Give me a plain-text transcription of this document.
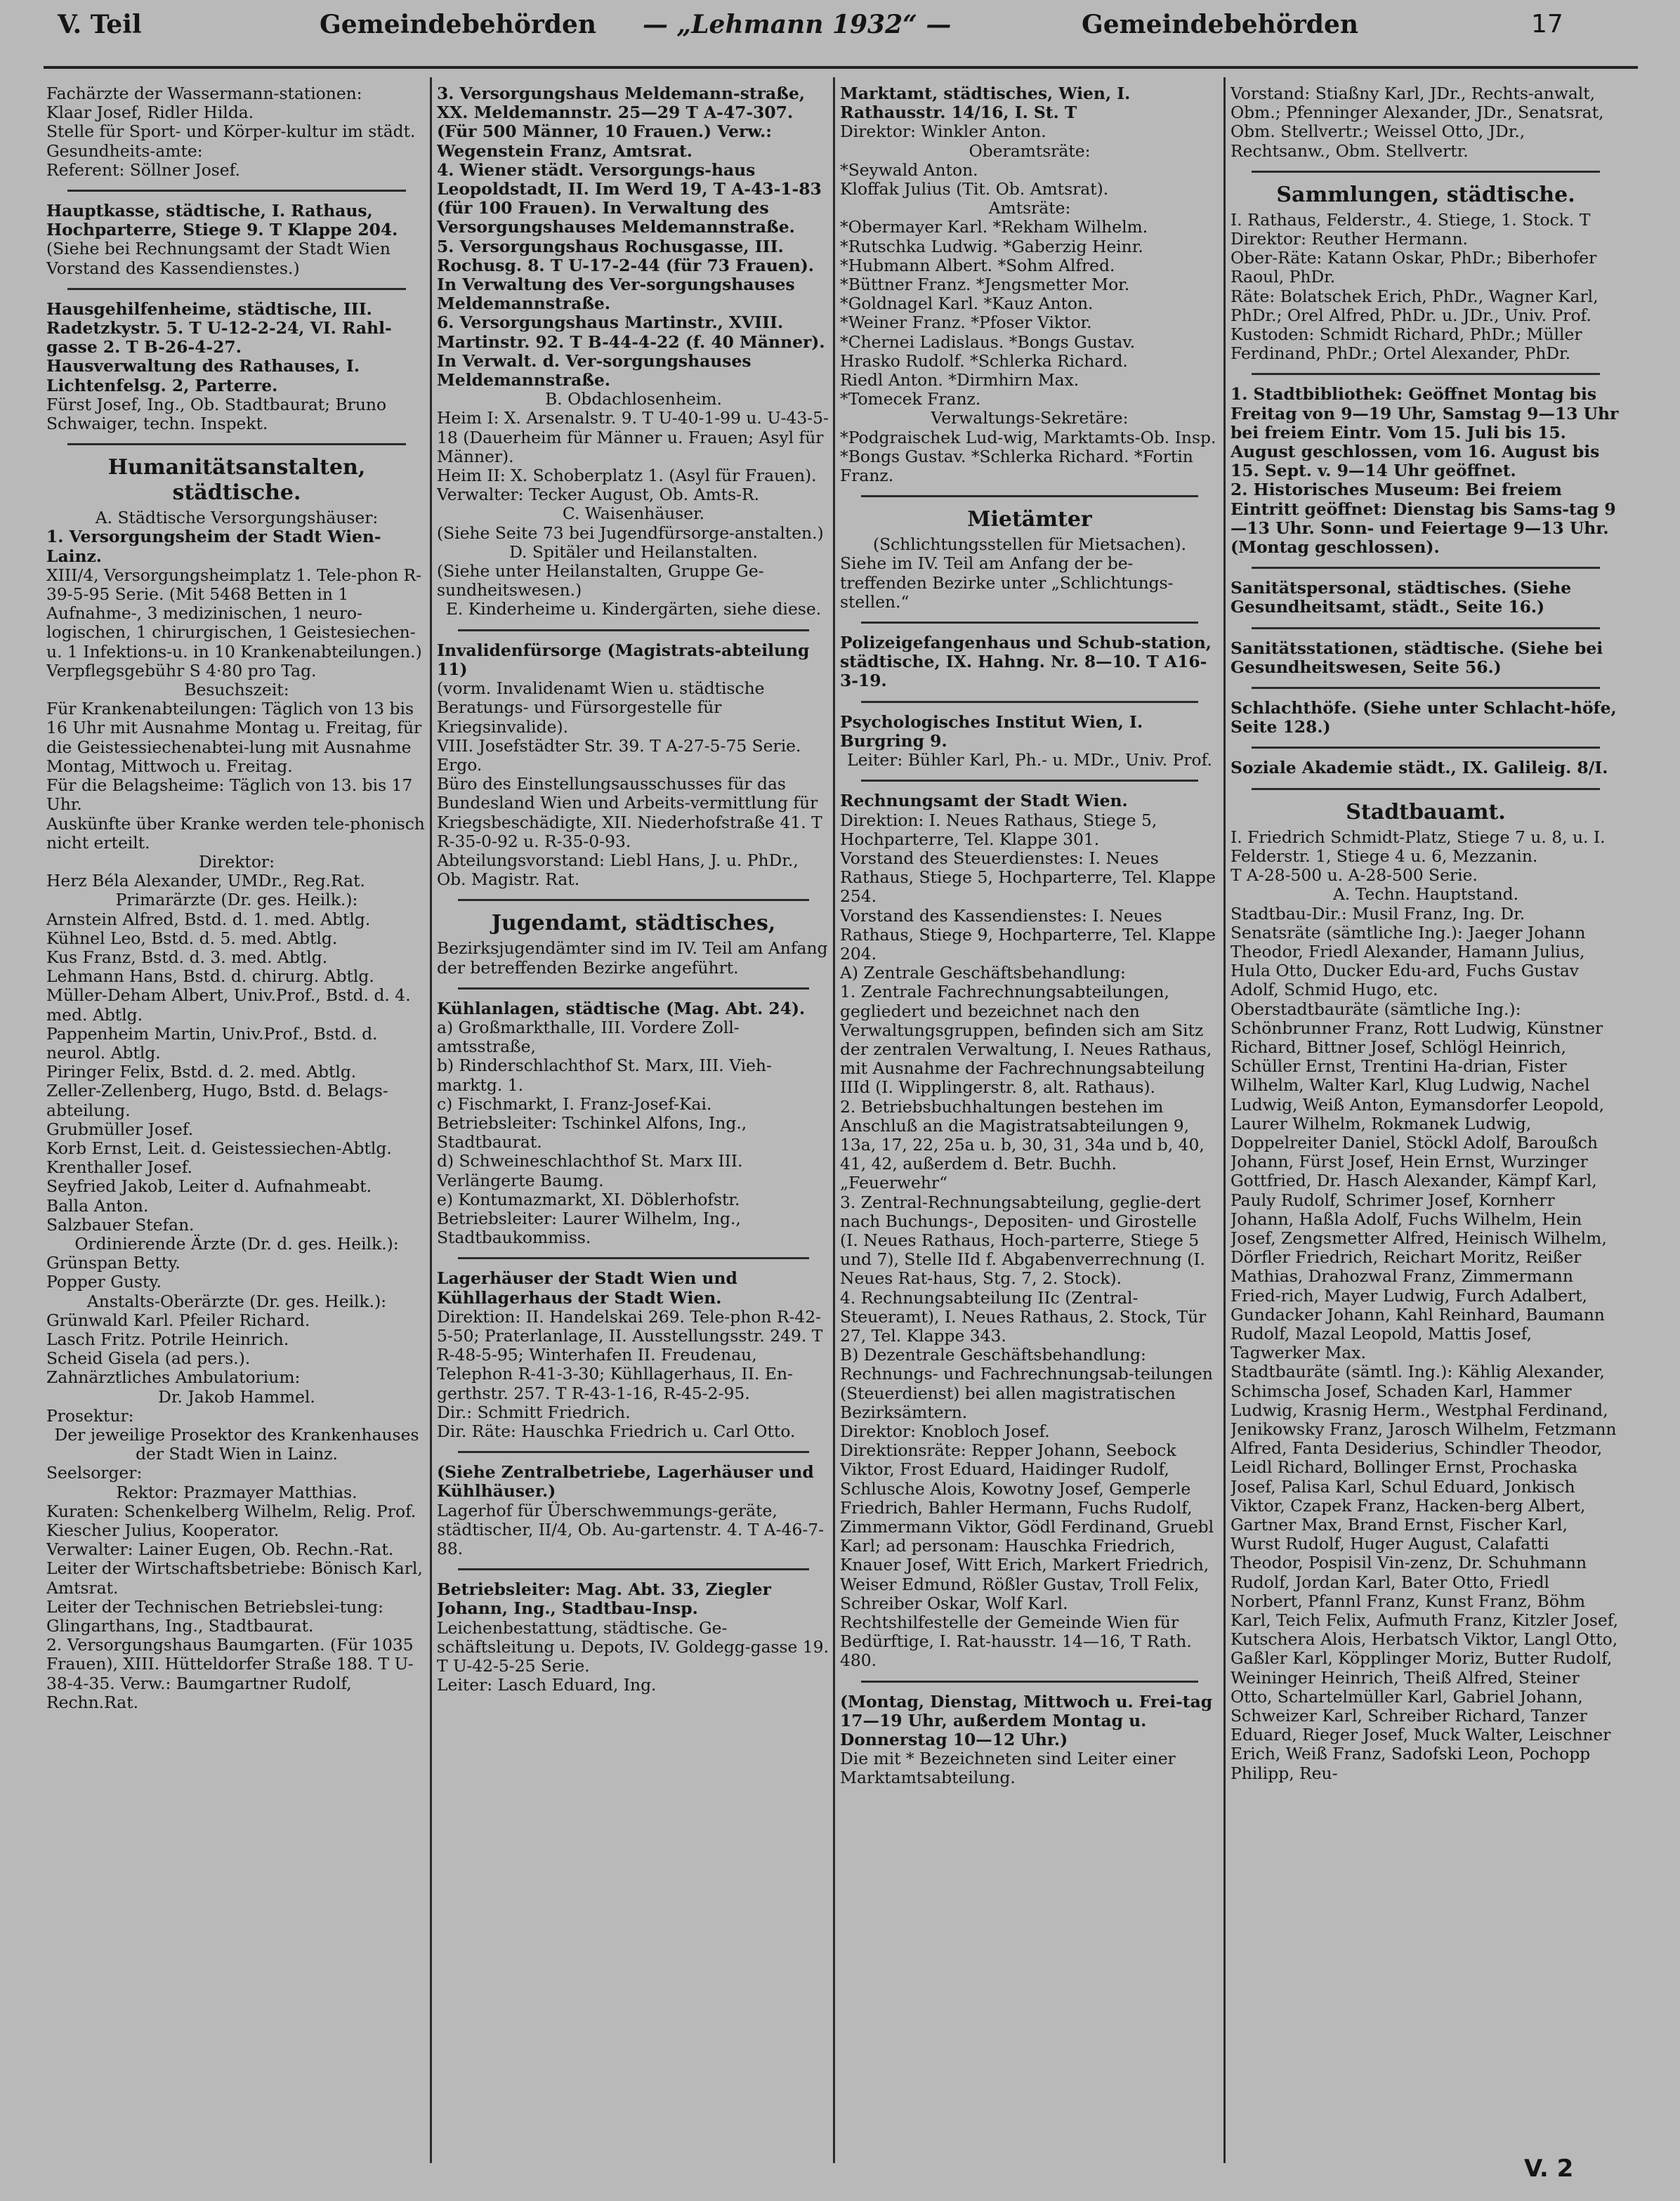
V. Teil	Gemeindebehörden — „Lehmann 1932“ —	Gemeindebehörden	17

Fachärzte der Wassermann-stationen:

Klaar Josef, Ridler Hilda.

Stelle für Sport- und Körper-kultur im städt. Gesundheits-amte:

Referent: Söllner Josef.

Hauptkasse, städtische, I. Rathaus, Hochparterre, Stiege 9. T Klappe 204.

(Siehe bei Rechnungsamt der Stadt Wien Vorstand des Kassendienstes.)

Hausgehilfenheime, städtische, III. Radetzkystr. 5. T U-12-2-24, VI. Rahl-gasse 2. T B-26-4-27.

Hausverwaltung des Rathauses, I. Lichtenfelsg. 2, Parterre.

Fürst Josef, Ing., Ob. Stadtbaurat; Bruno Schwaiger, techn. Inspekt.

Humanitätsanstalten, städtische.

A. Städtische Versorgungshäuser:

1. Versorgungsheim der Stadt Wien-Lainz.

XIII/4, Versorgungsheimplatz 1. Tele-phon R-39-5-95 Serie. (Mit 5468 Betten in 1 Aufnahme-, 3 medizinischen, 1 neuro-logischen, 1 chirurgischen, 1 Geistesiechen-u. 1 Infektions-u. in 10 Krankenabteilungen.)

Verpflegsgebühr S 4·80 pro Tag.

Besuchszeit:

Für Krankenabteilungen: Täglich von 13 bis 16 Uhr mit Ausnahme Montag u. Freitag, für die Geistessiechenabtei-lung mit Ausnahme Montag, Mittwoch u. Freitag.

Für die Belagsheime: Täglich von 13. bis 17 Uhr.

Auskünfte über Kranke werden tele-phonisch nicht erteilt.

Direktor:

Herz Béla Alexander, UMDr., Reg.Rat.

Primarärzte (Dr. ges. Heilk.):

Arnstein Alfred, Bstd. d. 1. med. Abtlg.

Kühnel Leo, Bstd. d. 5. med. Abtlg.

Kus Franz, Bstd. d. 3. med. Abtlg.

Lehmann Hans, Bstd. d. chirurg. Abtlg.

Müller-Deham Albert, Univ.Prof., Bstd. d. 4. med. Abtlg.

Pappenheim Martin, Univ.Prof., Bstd. d. neurol. Abtlg.

Piringer Felix, Bstd. d. 2. med. Abtlg.

Zeller-Zellenberg, Hugo, Bstd. d. Belags-abteilung.

Grubmüller Josef.

Korb Ernst, Leit. d. Geistessiechen-Abtlg.

Krenthaller Josef.

Seyfried Jakob, Leiter d. Aufnahmeabt.

Balla Anton.

Salzbauer Stefan.

Ordinierende Ärzte (Dr. d. ges. Heilk.):

Grünspan Betty.

Popper Gusty.

Anstalts-Oberärzte (Dr. ges. Heilk.):

Grünwald Karl. Pfeiler Richard.

Lasch Fritz. Potrile Heinrich.

Scheid Gisela (ad pers.).

Zahnärztliches Ambulatorium:

Dr. Jakob Hammel.

Prosektur:

Der jeweilige Prosektor des Krankenhauses der Stadt Wien in Lainz.

Seelsorger:

Rektor: Prazmayer Matthias.

Kuraten: Schenkelberg Wilhelm, Relig. Prof. Kiescher Julius, Kooperator.

Verwalter: Lainer Eugen, Ob. Rechn.-Rat.

Leiter der Wirtschaftsbetriebe: Bönisch Karl, Amtsrat.

Leiter der Technischen Betriebslei-tung: Glingarthans, Ing., Stadtbaurat.

2. Versorgungshaus Baumgarten. (Für 1035 Frauen), XIII. Hütteldorfer Straße 188. T U-38-4-35. Verw.: Baumgartner Rudolf, Rechn.Rat.

3. Versorgungshaus Meldemann-straße, XX. Meldemannstr. 25—29 T A-47-307. (Für 500 Männer, 10 Frauen.) Verw.: Wegenstein Franz, Amtsrat.

4. Wiener städt. Versorgungs-haus Leopoldstadt, II. Im Werd 19, T A-43-1-83 (für 100 Frauen). In Verwaltung des Versorgungshauses Meldemannstraße.

5. Versorgungshaus Rochusgasse, III. Rochusg. 8. T U-17-2-44 (für 73 Frauen). In Verwaltung des Ver-sorgungshauses Meldemannstraße.

6. Versorgungshaus Martinstr., XVIII. Martinstr. 92. T B-44-4-22 (f. 40 Männer). In Verwalt. d. Ver-sorgungshauses Meldemannstraße.

B. Obdachlosenheim.

Heim I: X. Arsenalstr. 9. T U-40-1-99 u. U-43-5-18 (Dauerheim für Männer u. Frauen; Asyl für Männer).

Heim II: X. Schoberplatz 1. (Asyl für Frauen).

Verwalter: Tecker August, Ob. Amts-R.

C. Waisenhäuser.

(Siehe Seite 73 bei Jugendfürsorge-anstalten.)

D. Spitäler und Heilanstalten.

(Siehe unter Heilanstalten, Gruppe Ge-sundheitswesen.)

E. Kinderheime u. Kindergärten, siehe diese.

Invalidenfürsorge (Magistrats-abteilung 11)

(vorm. Invalidenamt Wien u. städtische Beratungs- und Fürsorgestelle für Kriegsinvalide).

VIII. Josefstädter Str. 39. T A-27-5-75 Serie. Ergo.

Büro des Einstellungsausschusses für das Bundesland Wien und Arbeits-vermittlung für Kriegsbeschädigte, XII. Niederhofstraße 41. T R-35-0-92 u. R-35-0-93.

Abteilungsvorstand: Liebl Hans, J. u. PhDr., Ob. Magistr. Rat.

Jugendamt, städtisches,

Bezirksjugendämter sind im IV. Teil am Anfang der betreffenden Bezirke angeführt.

Kühlanlagen, städtische (Mag. Abt. 24).

a) Großmarkthalle, III. Vordere Zoll-amtsstraße,

b) Rinderschlachthof St. Marx, III. Vieh-marktg. 1.

c) Fischmarkt, I. Franz-Josef-Kai. Betriebsleiter: Tschinkel Alfons, Ing., Stadtbaurat.

d) Schweineschlachthof St. Marx III. Verlängerte Baumg.

e) Kontumazmarkt, XI. Döblerhofstr. Betriebsleiter: Laurer Wilhelm, Ing., Stadtbaukommiss.

Lagerhäuser der Stadt Wien und Kühllagerhaus der Stadt Wien.

Direktion: II. Handelskai 269. Tele-phon R-42-5-50; Praterlanlage, II. Ausstellungsstr. 249. T R-48-5-95; Winterhafen II. Freudenau, Telephon R-41-3-30; Kühllagerhaus, II. En-gerthstr. 257. T R-43-1-16, R-45-2-95.

Dir.: Schmitt Friedrich.

Dir. Räte: Hauschka Friedrich u. Carl Otto.

(Siehe Zentralbetriebe, Lagerhäuser und Kühlhäuser.)

Lagerhof für Überschwemmungs-geräte, städtischer, II/4, Ob. Au-gartenstr. 4. T A-46-7-88.

Betriebsleiter: Mag. Abt. 33, Ziegler Johann, Ing., Stadtbau-Insp.

Leichenbestattung, städtische. Ge-schäftsleitung u. Depots, IV. Goldegg-gasse 19. T U-42-5-25 Serie.

Leiter: Lasch Eduard, Ing.

Marktamt, städtisches, Wien, I. Rathausstr. 14/16, I. St. T

Direktor: Winkler Anton.

Oberamtsräte:

*Seywald Anton.

Kloffak Julius (Tit. Ob. Amtsrat).

Amtsräte:

*Obermayer Karl. *Rekham Wilhelm.

*Rutschka Ludwig. *Gaberzig Heinr.

*Hubmann Albert. *Sohm Alfred.

*Büttner Franz. *Jengsmetter Mor.

*Goldnagel Karl. *Kauz Anton.

*Weiner Franz. *Pfoser Viktor.

*Chernei Ladislaus. *Bongs Gustav.

Hrasko Rudolf. *Schlerka Richard.

Riedl Anton. *Dirmhirn Max.

*Tomecek Franz.

Verwaltungs-Sekretäre:

*Podgraischek Lud-wig, Marktamts-Ob. Insp. *Bongs Gustav. *Schlerka Richard. *Fortin Franz.

Mietämter

(Schlichtungsstellen für Mietsachen).

Siehe im IV. Teil am Anfang der be-treffenden Bezirke unter „Schlichtungs-stellen.“

Polizeigefangenhaus und Schub-station, städtische, IX. Hahng. Nr. 8—10. T A16-3-19.

Psychologisches Institut Wien, I. Burgring 9.

Leiter: Bühler Karl, Ph.- u. MDr., Univ. Prof.

Rechnungsamt der Stadt Wien.

Direktion: I. Neues Rathaus, Stiege 5, Hochparterre, Tel. Klappe 301.

Vorstand des Steuerdienstes: I. Neues Rathaus, Stiege 5, Hochparterre, Tel. Klappe 254.

Vorstand des Kassendienstes: I. Neues Rathaus, Stiege 9, Hochparterre, Tel. Klappe 204.

A) Zentrale Geschäftsbehandlung:

1. Zentrale Fachrechnungsabteilungen, gegliedert und bezeichnet nach den Verwaltungsgruppen, befinden sich am Sitz der zentralen Verwaltung, I. Neues Rathaus, mit Ausnahme der Fachrechnungsabteilung IIId (I. Wipplingerstr. 8, alt. Rathaus).

2. Betriebsbuchhaltungen bestehen im Anschluß an die Magistratsabteilungen 9, 13a, 17, 22, 25a u. b, 30, 31, 34a und b, 40, 41, 42, außerdem d. Betr. Buchh. „Feuerwehr“

3. Zentral-Rechnungsabteilung, geglie-dert nach Buchungs-, Depositen- und Girostelle (I. Neues Rathaus, Hoch-parterre, Stiege 5 und 7), Stelle IId f. Abgabenverrechnung (I. Neues Rat-haus, Stg. 7, 2. Stock).

4. Rechnungsabteilung IIc (Zentral-Steueramt), I. Neues Rathaus, 2. Stock, Tür 27, Tel. Klappe 343.

B) Dezentrale Geschäftsbehandlung: Rechnungs- und Fachrechnungsab-teilungen (Steuerdienst) bei allen magistratischen Bezirksämtern.

Direktor: Knobloch Josef.

Direktionsräte: Repper Johann, Seebock Viktor, Frost Eduard, Haidinger Rudolf, Schlusche Alois, Kowotny Josef, Gemperle Friedrich, Bahler Hermann, Fuchs Rudolf, Zimmermann Viktor, Gödl Ferdinand, Gruebl Karl; ad personam: Hauschka Friedrich, Knauer Josef, Witt Erich, Markert Friedrich, Weiser Edmund, Rößler Gustav, Troll Felix, Schreiber Oskar, Wolf Karl.

Rechtshilfestelle der Gemeinde Wien für Bedürftige, I. Rat-hausstr. 14—16, T Rath. 480.

(Montag, Dienstag, Mittwoch u. Frei-tag 17—19 Uhr, außerdem Montag u. Donnerstag 10—12 Uhr.)

Die mit * Bezeichneten sind Leiter einer Marktamtsabteilung.

Vorstand: Stiaßny Karl, JDr., Rechts-anwalt, Obm.; Pfenninger Alexander, JDr., Senatsrat, Obm. Stellvertr.; Weissel Otto, JDr., Rechtsanw., Obm. Stellvertr.

Sammlungen, städtische.

I. Rathaus, Felderstr., 4. Stiege, 1. Stock. T

Direktor: Reuther Hermann.

Ober-Räte: Katann Oskar, PhDr.; Biberhofer Raoul, PhDr.

Räte: Bolatschek Erich, PhDr., Wagner Karl, PhDr.; Orel Alfred, PhDr. u. JDr., Univ. Prof.

Kustoden: Schmidt Richard, PhDr.; Müller Ferdinand, PhDr.; Ortel Alexander, PhDr.

1. Stadtbibliothek: Geöffnet Montag bis Freitag von 9—19 Uhr, Samstag 9—13 Uhr bei freiem Eintr. Vom 15. Juli bis 15. August geschlossen, vom 16. August bis 15. Sept. v. 9—14 Uhr geöffnet.

2. Historisches Museum: Bei freiem Eintritt geöffnet: Dienstag bis Sams-tag 9—13 Uhr. Sonn- und Feiertage 9—13 Uhr. (Montag geschlossen).

Sanitätspersonal, städtisches. (Siehe Gesundheitsamt, städt., Seite 16.)

Sanitätsstationen, städtische. (Siehe bei Gesundheitswesen, Seite 56.)

Schlachthöfe. (Siehe unter Schlacht-höfe, Seite 128.)

Soziale Akademie städt., IX. Galileig. 8/I.

Stadtbauamt.

I. Friedrich Schmidt-Platz, Stiege 7 u. 8, u. I. Felderstr. 1, Stiege 4 u. 6, Mezzanin.

T A-28-500 u. A-28-500 Serie.

A. Techn. Hauptstand.

Stadtbau-Dir.: Musil Franz, Ing. Dr.

Senatsräte (sämtliche Ing.): Jaeger Johann Theodor, Friedl Alexander, Hamann Julius, Hula Otto, Ducker Edu-ard, Fuchs Gustav Adolf, Schmid Hugo, etc.

Oberstadtbauräte (sämtliche Ing.): Schönbrunner Franz, Rott Ludwig, Künstner Richard, Bittner Josef, Schlögl Heinrich, Schüller Ernst, Trentini Ha-drian, Fister Wilhelm, Walter Karl, Klug Ludwig, Nachel Ludwig, Weiß Anton, Eymansdorfer Leopold, Laurer Wilhelm, Rokmanek Ludwig, Doppelreiter Daniel, Stöckl Adolf, Baroußch Johann, Fürst Josef, Hein Ernst, Wurzinger Gottfried, Dr. Hasch Alexander, Kämpf Karl, Pauly Rudolf, Schrimer Josef, Kornherr Johann, Haßla Adolf, Fuchs Wilhelm, Hein Josef, Zengsmetter Alfred, Heinisch Wilhelm, Dörfler Friedrich, Reichart Moritz, Reißer Mathias, Drahozwal Franz, Zimmermann Fried-rich, Mayer Ludwig, Furch Adalbert, Gundacker Johann, Kahl Reinhard, Baumann Rudolf, Mazal Leopold, Mattis Josef, Tagwerker Max.

Stadtbauräte (sämtl. Ing.): Kählig Alexander, Schimscha Josef, Schaden Karl, Hammer Ludwig, Krasnig Herm., Westphal Ferdinand, Jenikowsky Franz, Jarosch Wilhelm, Fetzmann Alfred, Fanta Desiderius, Schindler Theodor, Leidl Richard, Bollinger Ernst, Prochaska Josef, Palisa Karl, Schul Eduard, Jonkisch Viktor, Czapek Franz, Hacken-berg Albert, Gartner Max, Brand Ernst, Fischer Karl, Wurst Rudolf, Huger August, Calafatti Theodor, Pospisil Vin-zenz, Dr. Schuhmann Rudolf, Jordan Karl, Bater Otto, Friedl Norbert, Pfannl Franz, Kunst Franz, Böhm Karl, Teich Felix, Aufmuth Franz, Kitzler Josef, Kutschera Alois, Herbatsch Viktor, Langl Otto, Gaßler Karl, Köpplinger Moriz, Butter Rudolf, Weininger Heinrich, Theiß Alfred, Steiner Otto, Schartelmüller Karl, Gabriel Johann, Schweizer Karl, Schreiber Richard, Tanzer Eduard, Rieger Josef, Muck Walter, Leischner Erich, Weiß Franz, Sadofski Leon, Pochopp Philipp, Reu-

V. 2
